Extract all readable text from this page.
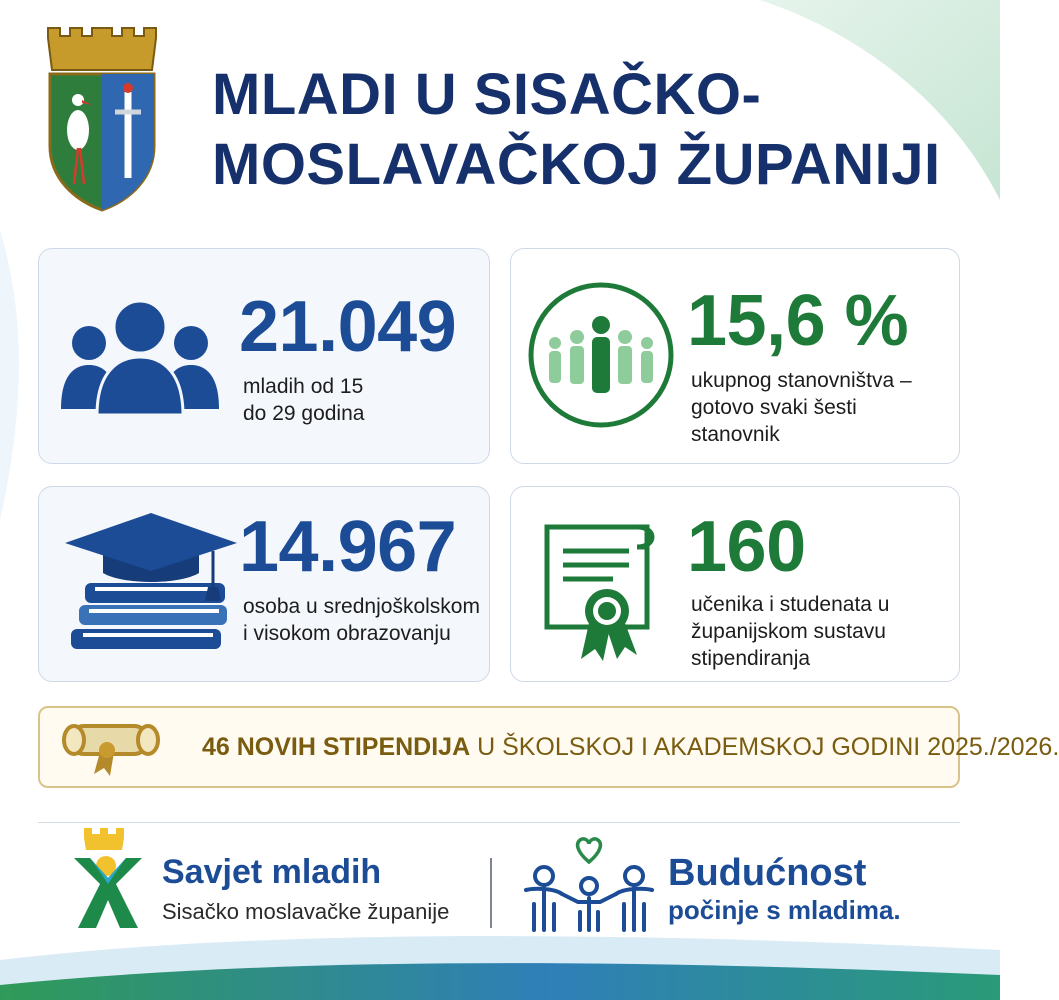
MLADI U SISAČKO-
MOSLAVAČKOJ ŽUPANIJI

21.049

mladih od 15
do 29 godina

15,6 %

ukupnog stanovništva –
gotovo svaki šesti
stanovnik

14.967

osoba u srednjoškolskom
i visokom obrazovanju

160

učenika i studenata u
županijskom sustavu
stipendiranja

46 NOVIH STIPENDIJA U ŠKOLSKOJ I AKADEMSKOJ GODINI 2025./2026.

Savjet mladih

Sisačko moslavačke županije

Budućnost
počinje s mladima.
